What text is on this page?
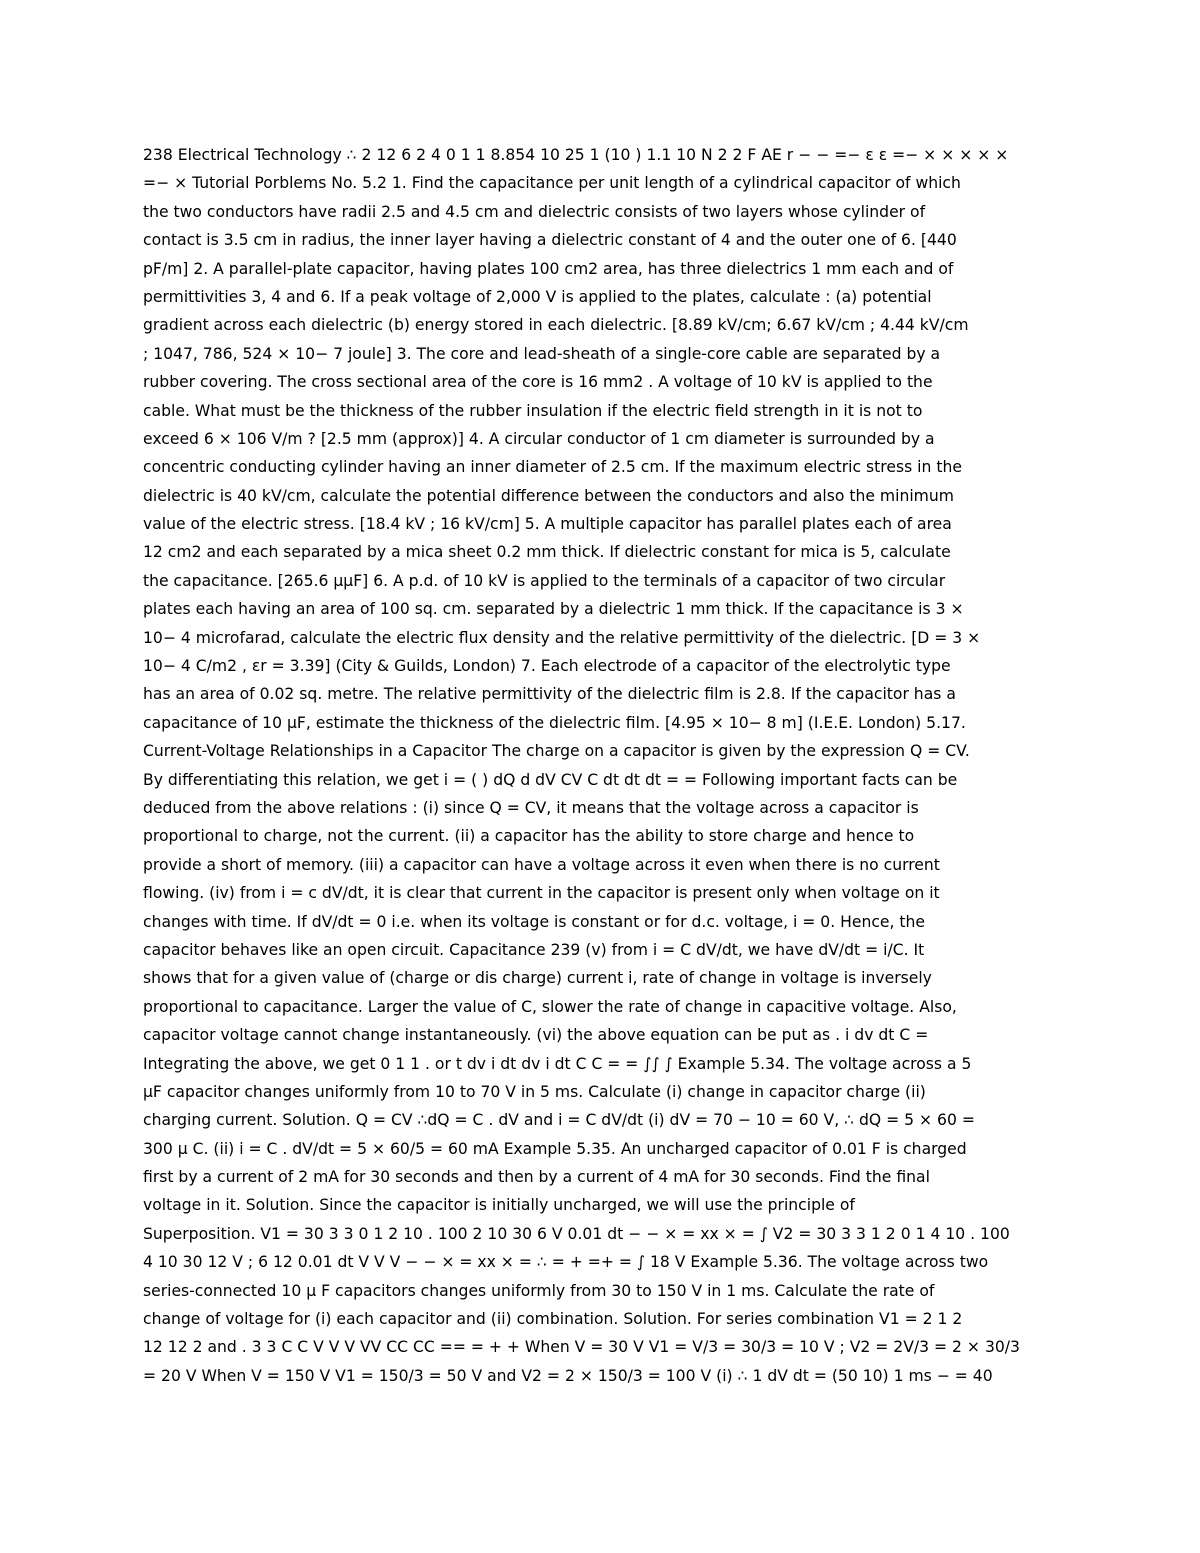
238 Electrical Technology ∴ 2 12 6 2 4 0 1 1 8.854 10 25 1 (10 ) 1.1 10 N 2 2 F AE r − − =− ε ε =− × × × × ×
=− × Tutorial Porblems No. 5.2 1. Find the capacitance per unit length of a cylindrical capacitor of which
the two conductors have radii 2.5 and 4.5 cm and dielectric consists of two layers whose cylinder of
contact is 3.5 cm in radius, the inner layer having a dielectric constant of 4 and the outer one of 6. [440
pF/m] 2. A parallel-plate capacitor, having plates 100 cm2 area, has three dielectrics 1 mm each and of
permittivities 3, 4 and 6. If a peak voltage of 2,000 V is applied to the plates, calculate : (a) potential
gradient across each dielectric (b) energy stored in each dielectric. [8.89 kV/cm; 6.67 kV/cm ; 4.44 kV/cm
; 1047, 786, 524 × 10− 7 joule] 3. The core and lead-sheath of a single-core cable are separated by a
rubber covering. The cross sectional area of the core is 16 mm2 . A voltage of 10 kV is applied to the
cable. What must be the thickness of the rubber insulation if the electric field strength in it is not to
exceed 6 × 106 V/m ? [2.5 mm (approx)] 4. A circular conductor of 1 cm diameter is surrounded by a
concentric conducting cylinder having an inner diameter of 2.5 cm. If the maximum electric stress in the
dielectric is 40 kV/cm, calculate the potential difference between the conductors and also the minimum
value of the electric stress. [18.4 kV ; 16 kV/cm] 5. A multiple capacitor has parallel plates each of area
12 cm2 and each separated by a mica sheet 0.2 mm thick. If dielectric constant for mica is 5, calculate
the capacitance. [265.6 μμF] 6. A p.d. of 10 kV is applied to the terminals of a capacitor of two circular
plates each having an area of 100 sq. cm. separated by a dielectric 1 mm thick. If the capacitance is 3 ×
10− 4 microfarad, calculate the electric flux density and the relative permittivity of the dielectric. [D = 3 ×
10− 4 C/m2 , εr = 3.39] (City & Guilds, London) 7. Each electrode of a capacitor of the electrolytic type
has an area of 0.02 sq. metre. The relative permittivity of the dielectric film is 2.8. If the capacitor has a
capacitance of 10 μF, estimate the thickness of the dielectric film. [4.95 × 10− 8 m] (I.E.E. London) 5.17.
Current-Voltage Relationships in a Capacitor The charge on a capacitor is given by the expression Q = CV.
By differentiating this relation, we get i = ( ) dQ d dV CV C dt dt dt = = Following important facts can be
deduced from the above relations : (i) since Q = CV, it means that the voltage across a capacitor is
proportional to charge, not the current. (ii) a capacitor has the ability to store charge and hence to
provide a short of memory. (iii) a capacitor can have a voltage across it even when there is no current
flowing. (iv) from i = c dV/dt, it is clear that current in the capacitor is present only when voltage on it
changes with time. If dV/dt = 0 i.e. when its voltage is constant or for d.c. voltage, i = 0. Hence, the
capacitor behaves like an open circuit. Capacitance 239 (v) from i = C dV/dt, we have dV/dt = i/C. It
shows that for a given value of (charge or dis charge) current i, rate of change in voltage is inversely
proportional to capacitance. Larger the value of C, slower the rate of change in capacitive voltage. Also,
capacitor voltage cannot change instantaneously. (vi) the above equation can be put as . i dv dt C =
Integrating the above, we get 0 1 1 . or t dv i dt dv i dt C C = = ∫∫ ∫ Example 5.34. The voltage across a 5
μF capacitor changes uniformly from 10 to 70 V in 5 ms. Calculate (i) change in capacitor charge (ii)
charging current. Solution. Q = CV ∴dQ = C . dV and i = C dV/dt (i) dV = 70 − 10 = 60 V, ∴ dQ = 5 × 60 =
300 μ C. (ii) i = C . dV/dt = 5 × 60/5 = 60 mA Example 5.35. An uncharged capacitor of 0.01 F is charged
first by a current of 2 mA for 30 seconds and then by a current of 4 mA for 30 seconds. Find the final
voltage in it. Solution. Since the capacitor is initially uncharged, we will use the principle of
Superposition. V1 = 30 3 3 0 1 2 10 . 100 2 10 30 6 V 0.01 dt − − × = xx × = ∫ V2 = 30 3 3 1 2 0 1 4 10 . 100
4 10 30 12 V ; 6 12 0.01 dt V V V − − × = xx × = ∴ = + =+ = ∫ 18 V Example 5.36. The voltage across two
series-connected 10 μ F capacitors changes uniformly from 30 to 150 V in 1 ms. Calculate the rate of
change of voltage for (i) each capacitor and (ii) combination. Solution. For series combination V1 = 2 1 2
12 12 2 and . 3 3 C C V V V VV CC CC == = + + When V = 30 V V1 = V/3 = 30/3 = 10 V ; V2 = 2V/3 = 2 × 30/3
= 20 V When V = 150 V V1 = 150/3 = 50 V and V2 = 2 × 150/3 = 100 V (i) ∴ 1 dV dt = (50 10) 1 ms − = 40
